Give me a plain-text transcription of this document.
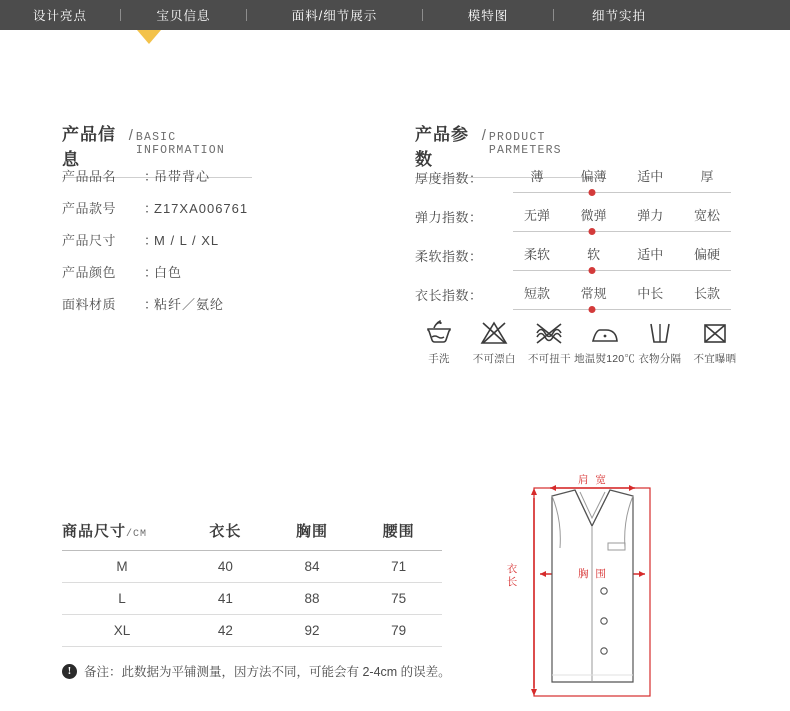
设计亮点	宝贝信息	面料/细节展示	模特图	细节实拍
产品信息
/ BASIC INFORMATION
产品品名	：
吊带背心
产品款号	：
Z17XA006761
产品尺寸	：
M / L / XL
产品颜色	：
白色
面料材质	：
粘纤／氨纶
产品参数
/ PRODUCT PARMETERS
厚度指数：	薄	偏薄	适中	厚
弹力指数：	无弹	微弹	弹力	宽松
柔软指数：	柔软	软	适中	偏硬
衣长指数：	短款	常规	中长	长款
手洗 不可漂白 不可扭干 地温熨120℃ 衣物分隔 不宜曝晒
商品尺寸/CM	衣长	胸围	腰围
M	40	84	71
L	41	88	75
XL	42	92	79
!	备注：此数据为平铺测量，因方法不同，可能会有 2-4cm 的误差。
肩 宽
胸 围
衣长
